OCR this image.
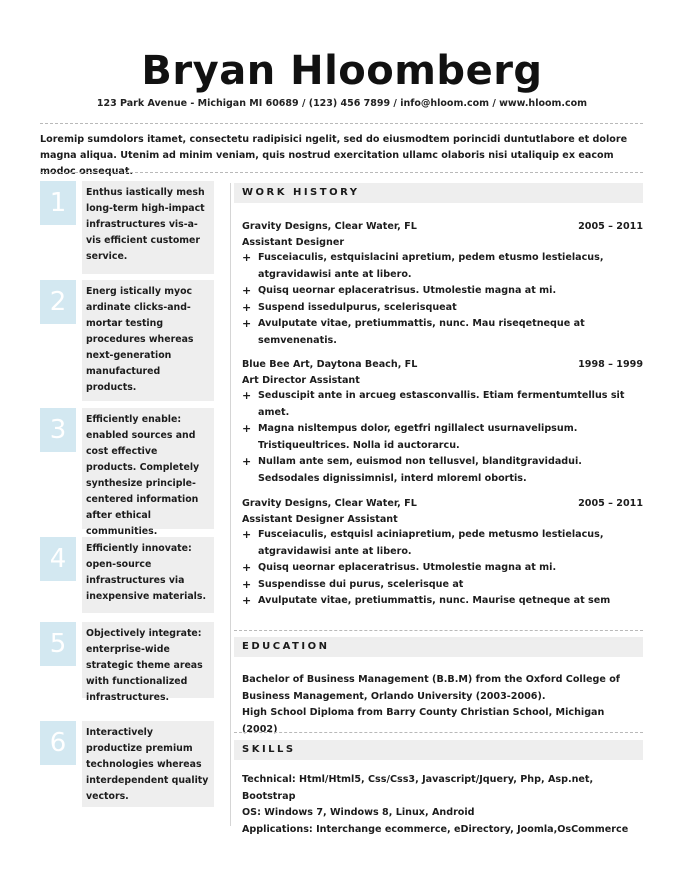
Bryan Hloomberg
123 Park Avenue - Michigan MI 60689 / (123) 456 7899 / info@hloom.com / www.hloom.com
Loremip sumdolors itamet, consectetu radipisici ngelit, sed do eiusmodtem porincidi duntutlabore et dolore magna aliqua. Utenim ad minim veniam, quis nostrud exercitation ullamc olaboris nisi utaliquip ex eacom modoc onsequat.
1	Enthus iastically mesh long-term high-impact infrastructures vis-a-vis efficient customer service.
2	Energ istically myoc ardinate clicks-and-mortar testing procedures whereas next-generation manufactured products.
3	Efficiently enable: enabled sources and cost effective products. Completely synthesize principle-centered information after ethical communities.
4	Efficiently innovate: open-source infrastructures via inexpensive materials.
5	Objectively integrate: enterprise-wide strategic theme areas with functionalized infrastructures.
6	Interactively productize premium technologies whereas interdependent quality vectors.
WORK HISTORY
Gravity Designs, Clear Water, FL	2005 – 2011
Assistant Designer
+ Fusceiaculis, estquislacini apretium, pedem etusmo lestielacus, atgravidawisi ante at libero.
+ Quisq ueornar eplaceratrisus. Utmolestie magna at mi.
+ Suspend issedulpurus, scelerisqueat
+ Avulputate vitae, pretiummattis, nunc. Mau riseqetneque at semvenenatis.
Blue Bee Art, Daytona Beach, FL	1998 – 1999
Art Director Assistant
+ Seduscipit ante in arcueg estasconvallis. Etiam fermentumtellus sit amet.
+ Magna nisltempus dolor, egetfri ngillalect usurnavelipsum. Tristiqueultrices. Nolla id auctorarcu.
+ Nullam ante sem, euismod non tellusvel, blanditgravidadui. Sedsodales dignissimnisl, interd mloreml obortis.
Gravity Designs, Clear Water, FL	2005 – 2011
Assistant Designer Assistant
+ Fusceiaculis, estquisl aciniapretium, pede metusmo lestielacus, atgravidawisi ante at libero.
+ Quisq ueornar eplaceratrisus. Utmolestie magna at mi.
+ Suspendisse dui purus, scelerisque at
+ Avulputate vitae, pretiummattis, nunc. Maurise qetneque at sem
EDUCATION
Bachelor of Business Management (B.B.M) from the Oxford College of Business Management, Orlando University (2003-2006).
High School Diploma from Barry County Christian School, Michigan (2002)
SKILLS
Technical: Html/Html5, Css/Css3, Javascript/Jquery, Php, Asp.net, Bootstrap
OS: Windows 7, Windows 8, Linux, Android
Applications: Interchange ecommerce, eDirectory, Joomla,OsCommerce
